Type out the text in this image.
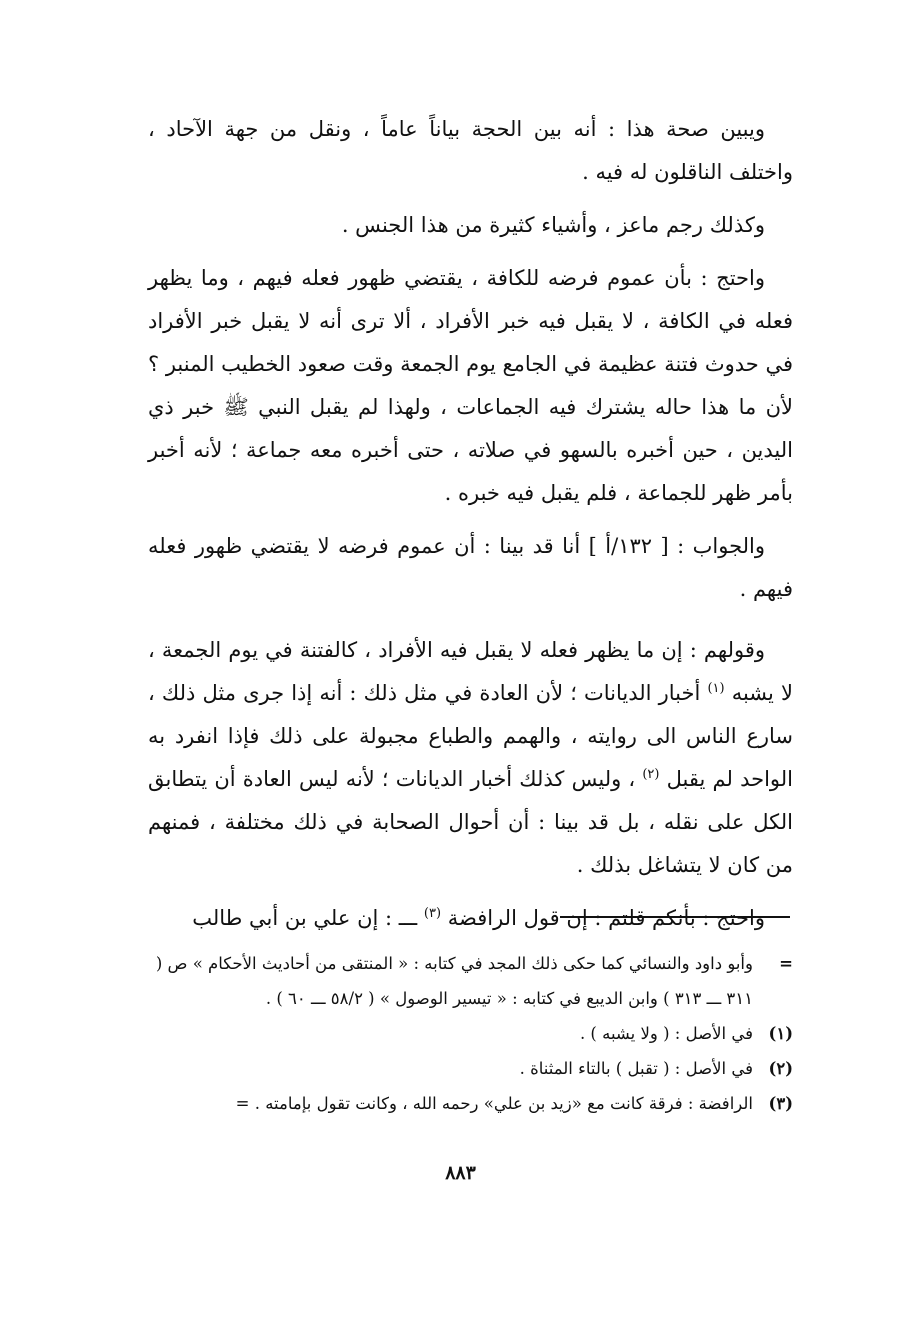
ويبين صحة هذا : أنه بين الحجة بياناً عاماً ، ونقل من جهة الآحاد ، واختلف الناقلون له فيه .

وكذلك رجم ماعز ، وأشياء كثيرة من هذا الجنس .

واحتج : بأن عموم فرضه للكافة ، يقتضي ظهور فعله فيهم ، وما يظهر فعله في الكافة ، لا يقبل فيه خبر الأفراد ، ألا ترى أنه لا يقبل خبر الأفراد في حدوث فتنة عظيمة في الجامع يوم الجمعة وقت صعود الخطيب المنبر ؟ لأن ما هذا حاله يشترك فيه الجماعات ، ولهذا لم يقبل النبي ﷺ خبر ذي اليدين ، حين أخبره بالسهو في صلاته ، حتى أخبره معه جماعة ؛ لأنه أخبر بأمر ظهر للجماعة ، فلم يقبل فيه خبره .

والجواب : [ ١٣٢/أ ] أنا قد بينا : أن عموم فرضه لا يقتضي ظهور فعله فيهم .

وقولهم : إن ما يظهر فعله لا يقبل فيه الأفراد ، كالفتنة في يوم الجمعة ، لا يشبه $^{(١)}$ أخبار الديانات ؛ لأن العادة في مثل ذلك : أنه إذا جرى مثل ذلك ، سارع الناس الى روايته ، والهمم والطباع مجبولة على ذلك فإذا انفرد به الواحد لم يقبل $^{(٢)}$ ، وليس كذلك أخبار الديانات ؛ لأنه ليس العادة أن يتطابق الكل على نقله ، بل قد بينا : أن أحوال الصحابة في ذلك مختلفة ، فمنهم من كان لا يتشاغل بذلك .

واحتج : بأنكم قلتم : إن قول الرافضة $^{(٣)}$ ـــ : إن علي بن أبي طالب

=
وأبو داود والنسائي كما حكى ذلك المجد في كتابه : « المنتقى من أحاديث الأحكام » ص ( ٣١١ ـــ ٣١٣ ) وابن الديبع في كتابه : « تيسير الوصول » ( ٥٨/٢ ـــ ٦٠ ) .
(١)
في الأصل : ( ولا يشبه ) .
(٢)
في الأصل : ( تقبل ) بالتاء المثناة .
(٣)
الرافضة : فرقة كانت مع «زيد بن علي» رحمه الله ، وكانت تقول بإمامته . =
٨٨٣
